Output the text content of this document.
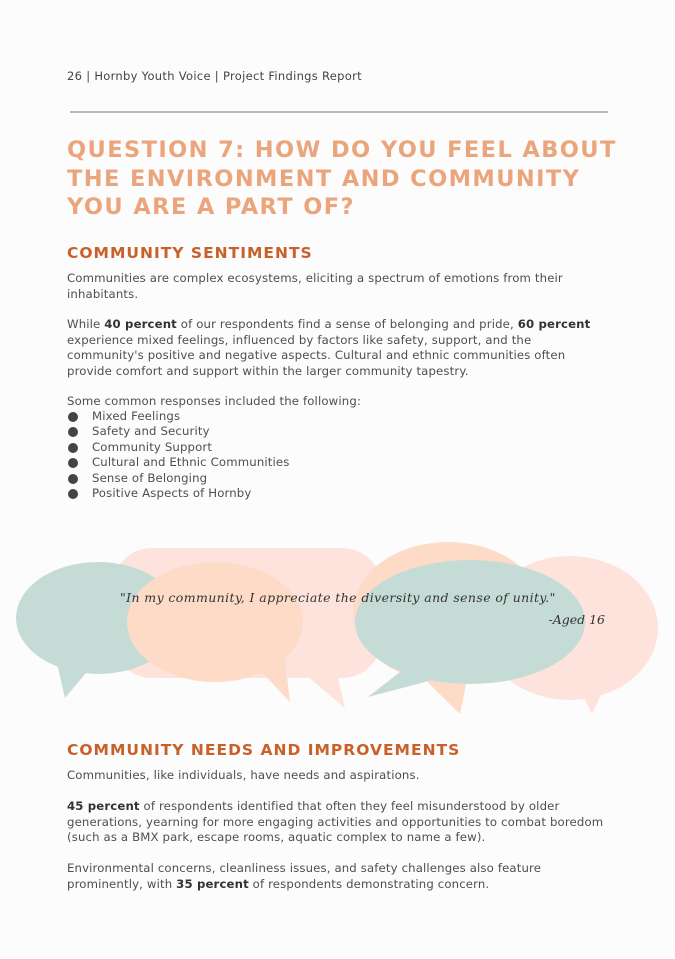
26 | Hornby Youth Voice | Project Findings Report
QUESTION 7: HOW DO YOU FEEL ABOUT THE ENVIRONMENT AND COMMUNITY YOU ARE A PART OF?
COMMUNITY SENTIMENTS

Communities are complex ecosystems, eliciting a spectrum of emotions from their inhabitants.

While 40 percent of our respondents find a sense of belonging and pride, 60 percent experience mixed feelings, influenced by factors like safety, support, and the community's positive and negative aspects. Cultural and ethnic communities often provide comfort and support within the larger community tapestry.

Some common responses included the following:

Mixed Feelings
Safety and Security
Community Support
Cultural and Ethnic Communities
Sense of Belonging
Positive Aspects of Hornby
"In my community, I appreciate the diversity and sense of unity."
-Aged 16
COMMUNITY NEEDS AND IMPROVEMENTS

Communities, like individuals, have needs and aspirations.

45 percent of respondents identified that often they feel misunderstood by older generations, yearning for more engaging activities and opportunities to combat boredom (such as a BMX park, escape rooms, aquatic complex to name a few).

Environmental concerns, cleanliness issues, and safety challenges also feature prominently, with 35 percent of respondents demonstrating concern.
